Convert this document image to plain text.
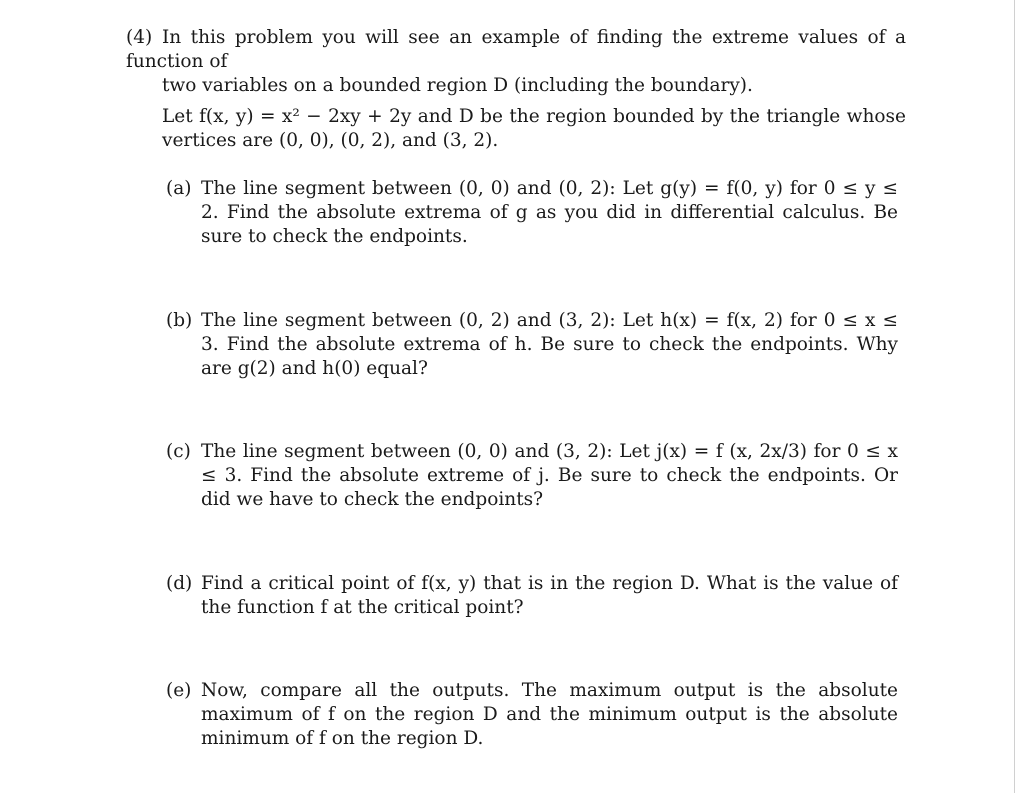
(4) In this problem you will see an example of finding the extreme values of a function of
two variables on a bounded region D (including the boundary).
Let f(x, y) = x² − 2xy + 2y and D be the region bounded by the triangle whose vertices are (0, 0), (0, 2), and (3, 2).
(a) The line segment between (0, 0) and (0, 2): Let g(y) = f(0, y) for 0 ≤ y ≤ 2. Find the absolute extrema of g as you did in differential calculus. Be sure to check the endpoints.
(b) The line segment between (0, 2) and (3, 2): Let h(x) = f(x, 2) for 0 ≤ x ≤ 3. Find the absolute extrema of h. Be sure to check the endpoints. Why are g(2) and h(0) equal?
(c) The line segment between (0, 0) and (3, 2): Let j(x) = f (x, 2x/3) for 0 ≤ x ≤ 3. Find the absolute extreme of j. Be sure to check the endpoints. Or did we have to check the endpoints?
(d) Find a critical point of f(x, y) that is in the region D. What is the value of the function f at the critical point?
(e) Now, compare all the outputs. The maximum output is the absolute maximum of f on the region D and the minimum output is the absolute minimum of f on the region D.
